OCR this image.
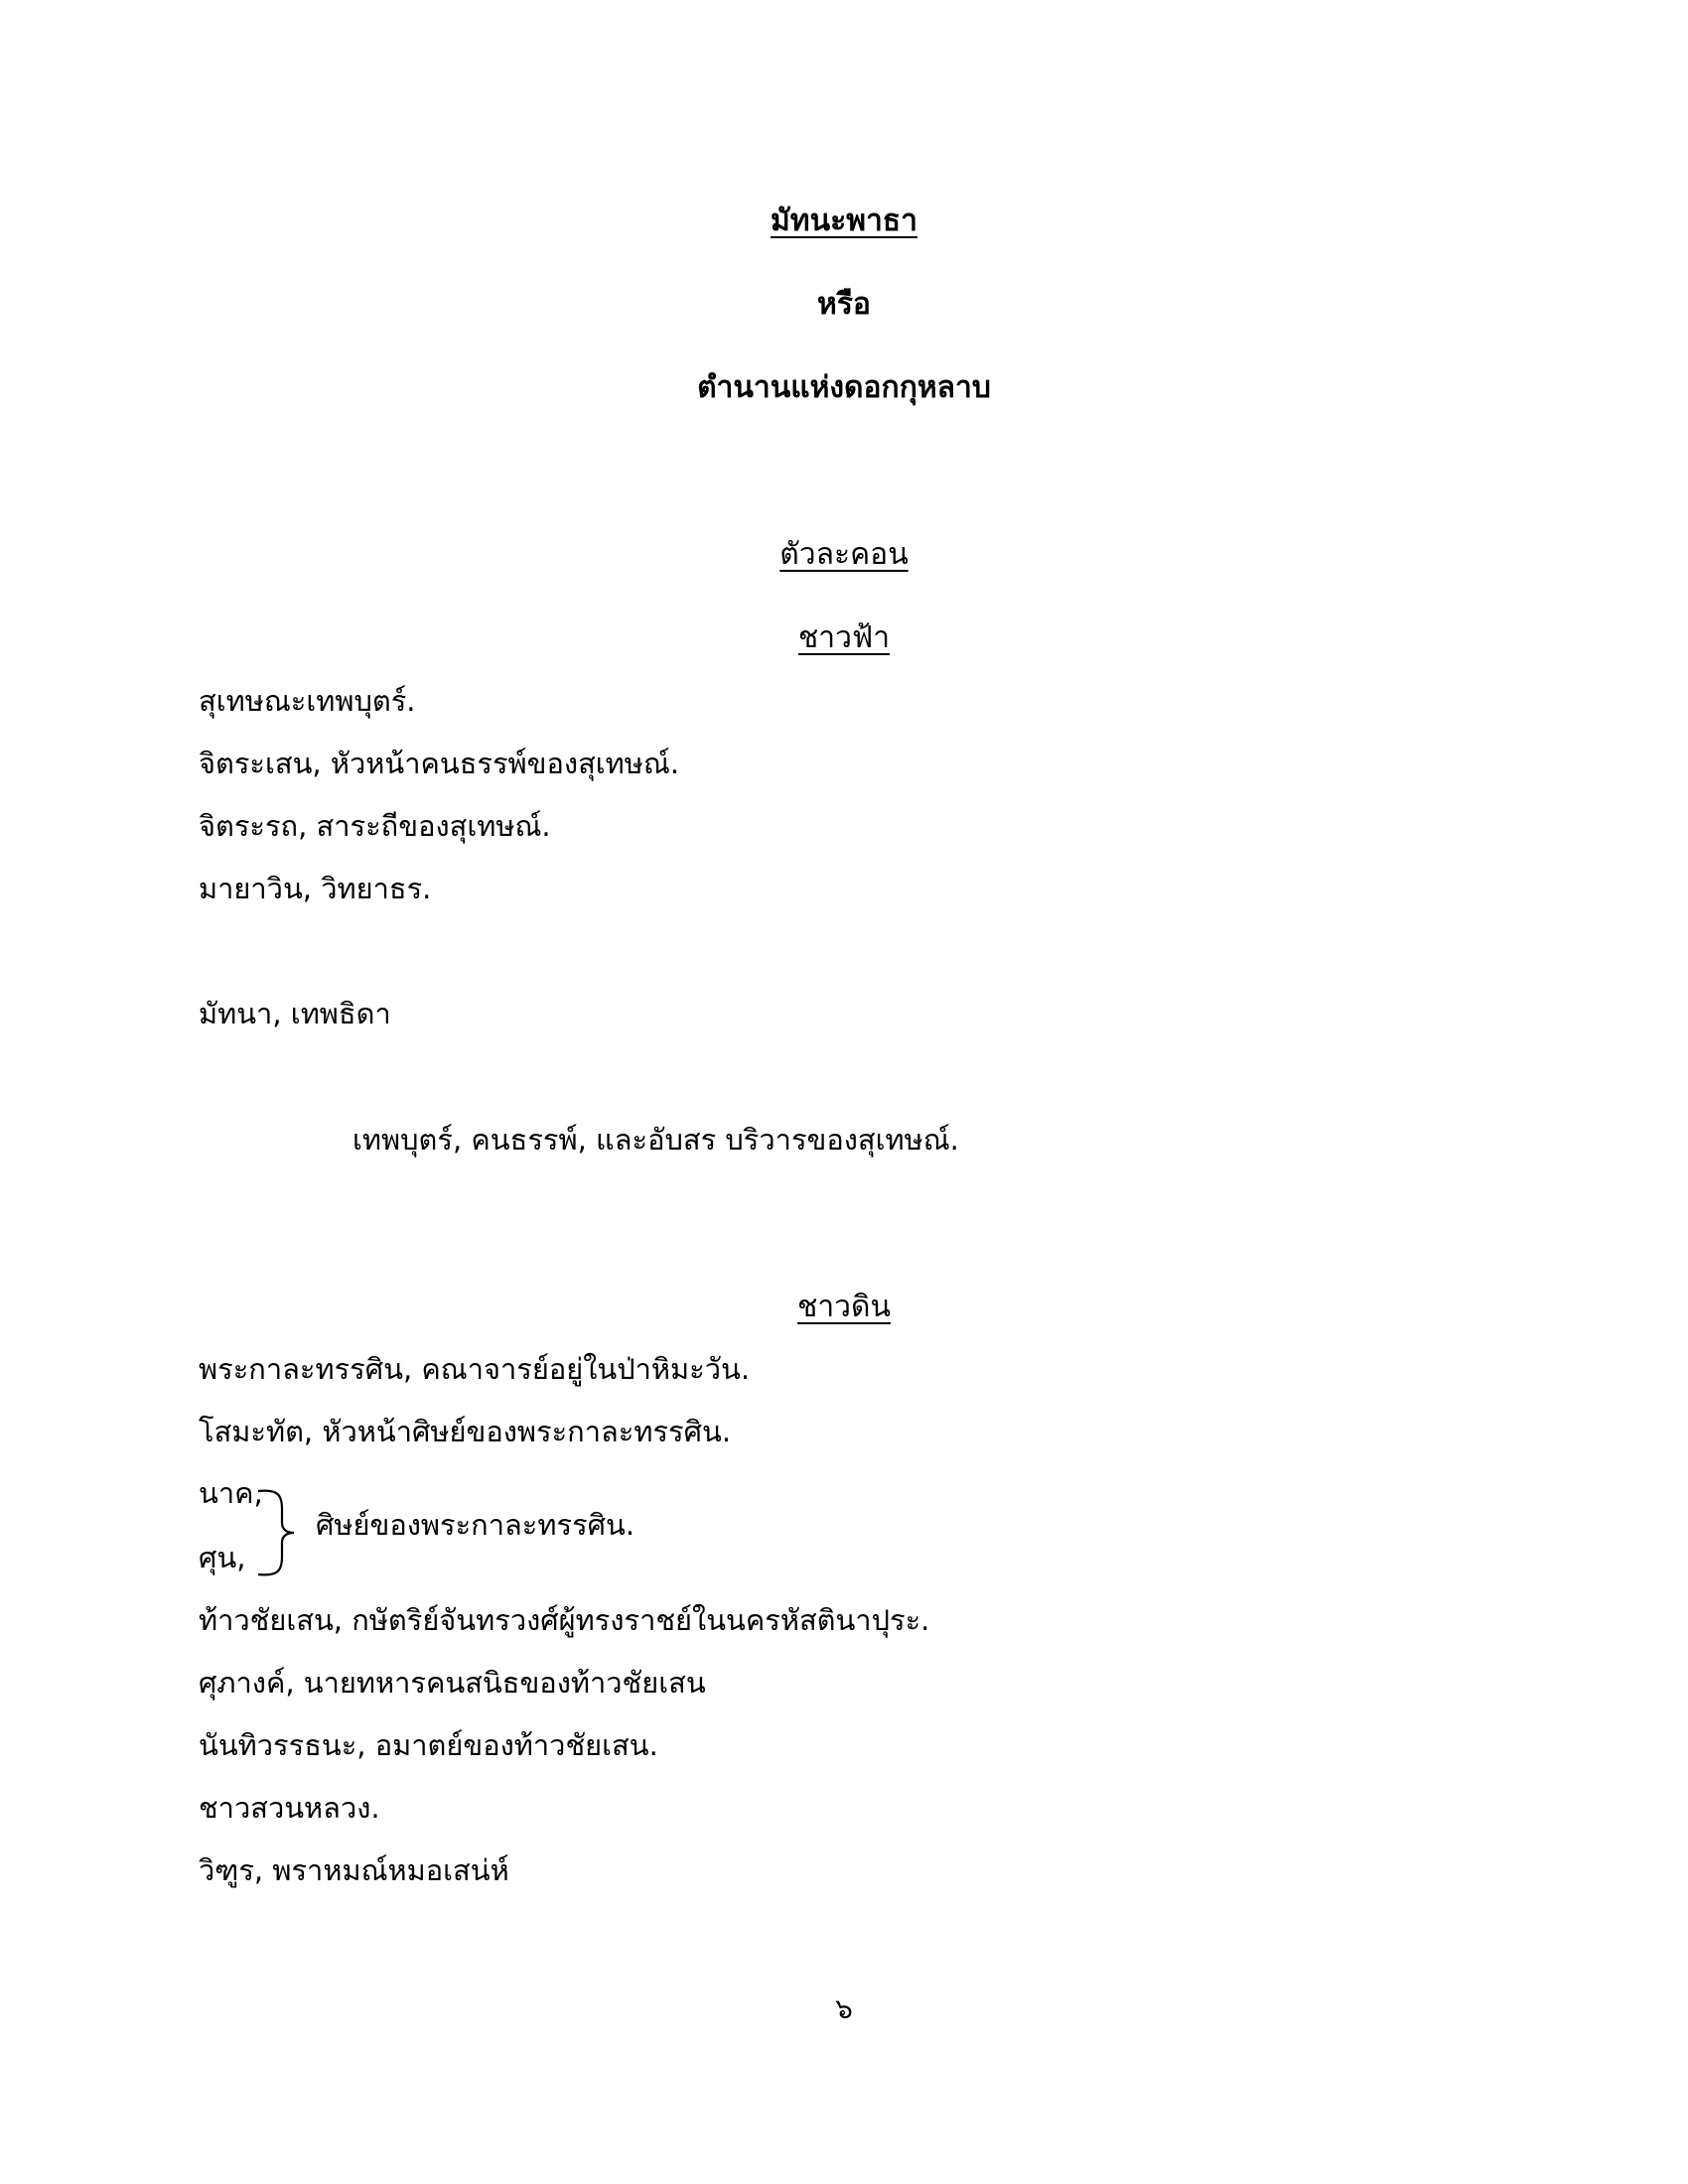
มัทนะพาธา
หรือ
ตำนานแห่งดอกกุหลาบ
ตัวละคอน
ชาวฟ้า
สุเทษณะเทพบุตร์.
จิตระเสน, หัวหน้าคนธรรพ์ของสุเทษณ์.
จิตระรถ, สาระถีของสุเทษณ์.
มายาวิน, วิทยาธร.
มัทนา, เทพธิดา
เทพบุตร์, คนธรรพ์, และอับสร บริวารของสุเทษณ์.
ชาวดิน
พระกาละทรรศิน, คณาจารย์อยู่ในป่าหิมะวัน.
โสมะทัต, หัวหน้าศิษย์ของพระกาละทรรศิน.
นาค,
ศุน,
ศิษย์ของพระกาละทรรศิน.
ท้าวชัยเสน, กษัตริย์จันทรวงศ์ผู้ทรงราชย์ในนครหัสตินาปุระ.
ศุภางค์, นายทหารคนสนิธของท้าวชัยเสน
นันทิวรรธนะ, อมาตย์ของท้าวชัยเสน.
ชาวสวนหลวง.
วิฑูร, พราหมณ์หมอเสน่ห์
๖
